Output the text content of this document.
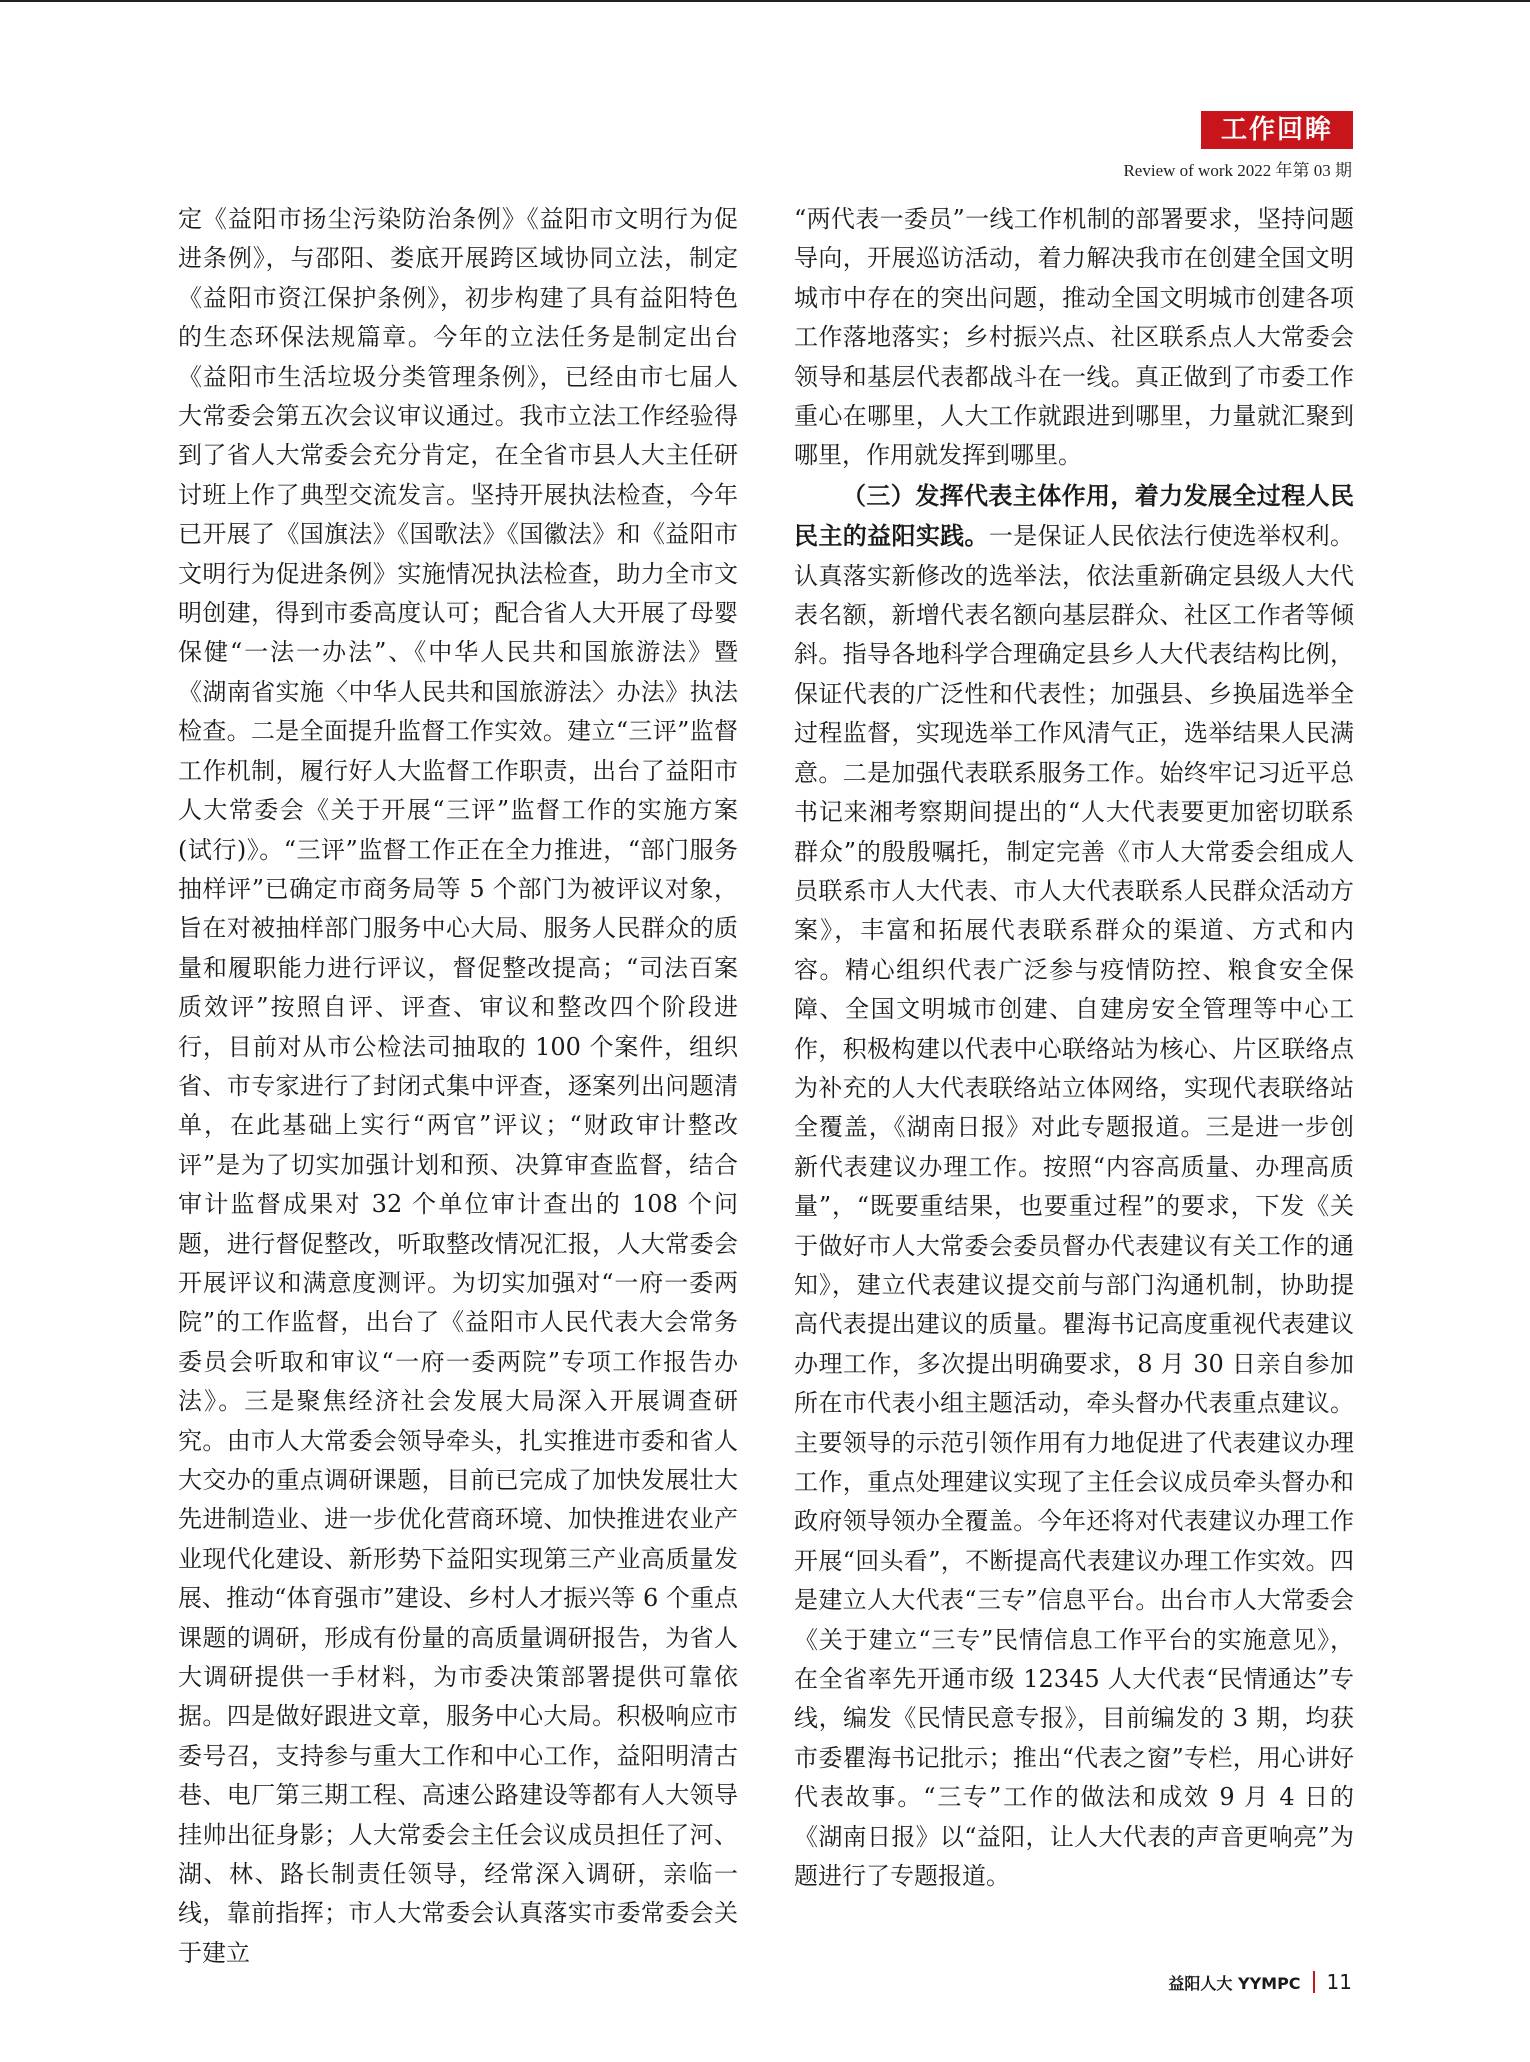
工作回眸
Review of work 2022 年第 03 期

定《益阳市扬尘污染防治条例》《益阳市文明行为促进条例》，与邵阳、娄底开展跨区域协同立法，制定《益阳市资江保护条例》，初步构建了具有益阳特色的生态环保法规篇章。今年的立法任务是制定出台《益阳市生活垃圾分类管理条例》，已经由市七届人大常委会第五次会议审议通过。我市立法工作经验得到了省人大常委会充分肯定，在全省市县人大主任研讨班上作了典型交流发言。坚持开展执法检查，今年已开展了《国旗法》《国歌法》《国徽法》和《益阳市文明行为促进条例》实施情况执法检查，助力全市文明创建，得到市委高度认可；配合省人大开展了母婴保健“一法一办法”、《中华人民共和国旅游法》暨《湖南省实施〈中华人民共和国旅游法〉办法》执法检查。二是全面提升监督工作实效。建立“三评”监督工作机制，履行好人大监督工作职责，出台了益阳市人大常委会《关于开展“三评”监督工作的实施方案(试行)》。“三评”监督工作正在全力推进，“部门服务抽样评”已确定市商务局等 5 个部门为被评议对象，旨在对被抽样部门服务中心大局、服务人民群众的质量和履职能力进行评议，督促整改提高；“司法百案质效评”按照自评、评查、审议和整改四个阶段进行，目前对从市公检法司抽取的 100 个案件，组织省、市专家进行了封闭式集中评查，逐案列出问题清单，在此基础上实行“两官”评议；“财政审计整改评”是为了切实加强计划和预、决算审查监督，结合审计监督成果对 32 个单位审计查出的 108 个问题，进行督促整改，听取整改情况汇报，人大常委会开展评议和满意度测评。为切实加强对“一府一委两院”的工作监督，出台了《益阳市人民代表大会常务委员会听取和审议“一府一委两院”专项工作报告办法》。三是聚焦经济社会发展大局深入开展调查研究。由市人大常委会领导牵头，扎实推进市委和省人大交办的重点调研课题，目前已完成了加快发展壮大先进制造业、进一步优化营商环境、加快推进农业产业现代化建设、新形势下益阳实现第三产业高质量发展、推动“体育强市”建设、乡村人才振兴等 6 个重点课题的调研，形成有份量的高质量调研报告，为省人大调研提供一手材料，为市委决策部署提供可靠依据。四是做好跟进文章，服务中心大局。积极响应市委号召，支持参与重大工作和中心工作，益阳明清古巷、电厂第三期工程、高速公路建设等都有人大领导挂帅出征身影；人大常委会主任会议成员担任了河、湖、林、路长制责任领导，经常深入调研，亲临一线，靠前指挥；市人大常委会认真落实市委常委会关于建立

“两代表一委员”一线工作机制的部署要求，坚持问题导向，开展巡访活动，着力解决我市在创建全国文明城市中存在的突出问题，推动全国文明城市创建各项工作落地落实；乡村振兴点、社区联系点人大常委会领导和基层代表都战斗在一线。真正做到了市委工作重心在哪里，人大工作就跟进到哪里，力量就汇聚到哪里，作用就发挥到哪里。

（三）发挥代表主体作用，着力发展全过程人民民主的益阳实践。一是保证人民依法行使选举权利。认真落实新修改的选举法，依法重新确定县级人大代表名额，新增代表名额向基层群众、社区工作者等倾斜。指导各地科学合理确定县乡人大代表结构比例，保证代表的广泛性和代表性；加强县、乡换届选举全过程监督，实现选举工作风清气正，选举结果人民满意。二是加强代表联系服务工作。始终牢记习近平总书记来湘考察期间提出的“人大代表要更加密切联系群众”的殷殷嘱托，制定完善《市人大常委会组成人员联系市人大代表、市人大代表联系人民群众活动方案》，丰富和拓展代表联系群众的渠道、方式和内容。精心组织代表广泛参与疫情防控、粮食安全保障、全国文明城市创建、自建房安全管理等中心工作，积极构建以代表中心联络站为核心、片区联络点为补充的人大代表联络站立体网络，实现代表联络站全覆盖，《湖南日报》对此专题报道。三是进一步创新代表建议办理工作。按照“内容高质量、办理高质量”，“既要重结果，也要重过程”的要求，下发《关于做好市人大常委会委员督办代表建议有关工作的通知》，建立代表建议提交前与部门沟通机制，协助提高代表提出建议的质量。瞿海书记高度重视代表建议办理工作，多次提出明确要求，8 月 30 日亲自参加所在市代表小组主题活动，牵头督办代表重点建议。主要领导的示范引领作用有力地促进了代表建议办理工作，重点处理建议实现了主任会议成员牵头督办和政府领导领办全覆盖。今年还将对代表建议办理工作开展“回头看”，不断提高代表建议办理工作实效。四是建立人大代表“三专”信息平台。出台市人大常委会《关于建立“三专”民情信息工作平台的实施意见》，在全省率先开通市级 12345 人大代表“民情通达”专线，编发《民情民意专报》，目前编发的 3 期，均获市委瞿海书记批示；推出“代表之窗”专栏，用心讲好代表故事。“三专”工作的做法和成效 9 月 4 日的《湖南日报》以“益阳，让人大代表的声音更响亮”为题进行了专题报道。

益阳人大 YYMPC 11
